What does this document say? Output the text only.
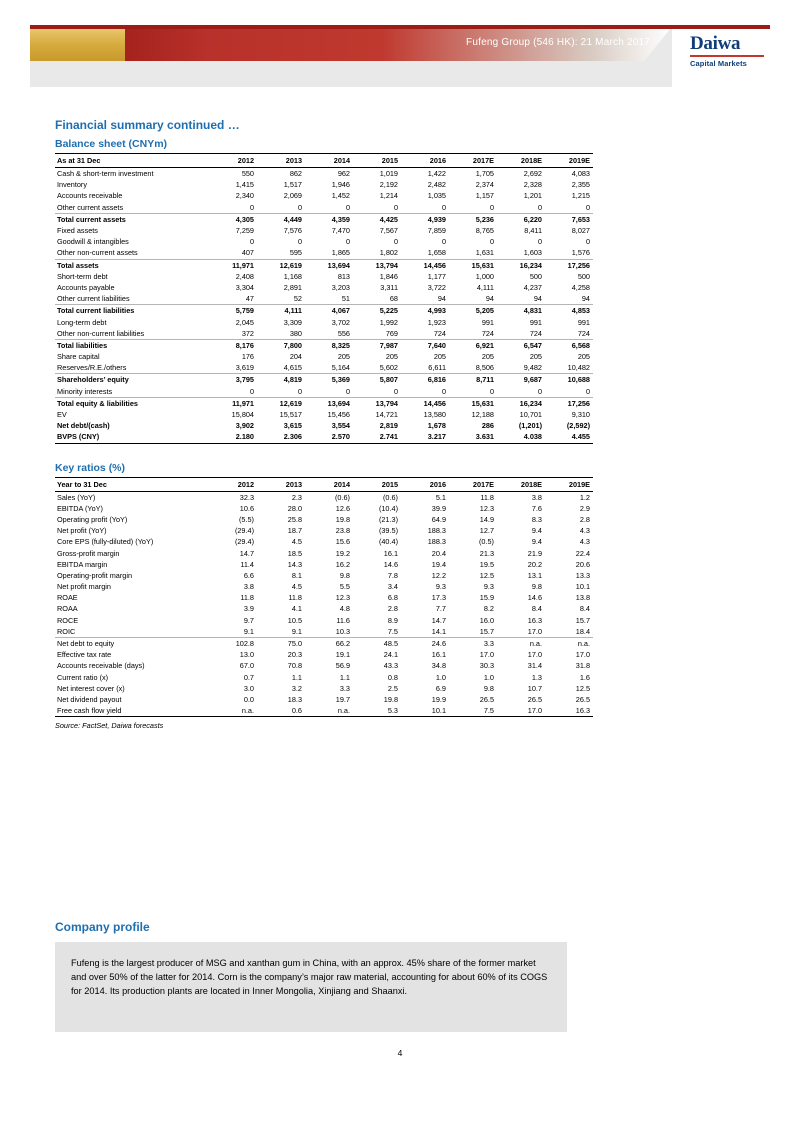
Fufeng Group (546 HK): 21 March 2017 Daiwa
Capital Markets
Financial summary continued …
Balance sheet (CNYm)
As at 31 Dec	2012	2013	2014	2015	2016	2017E	2018E	2019E
Cash & short-term investment	550	862	962	1,019	1,422	1,705	2,692	4,083
Inventory	1,415	1,517	1,946	2,192	2,482	2,374	2,328	2,355
Accounts receivable	2,340	2,069	1,452	1,214	1,035	1,157	1,201	1,215
Other current assets	0	0	0	0	0	0	0	0
Total current assets	4,305	4,449	4,359	4,425	4,939	5,236	6,220	7,653
Fixed assets	7,259	7,576	7,470	7,567	7,859	8,765	8,411	8,027
Goodwill & intangibles	0	0	0	0	0	0	0	0
Other non-current assets	407	595	1,865	1,802	1,658	1,631	1,603	1,576
Total assets	11,971	12,619	13,694	13,794	14,456	15,631	16,234	17,256
Short-term debt	2,408	1,168	813	1,846	1,177	1,000	500	500
Accounts payable	3,304	2,891	3,203	3,311	3,722	4,111	4,237	4,258
Other current liabilities	47	52	51	68	94	94	94	94
Total current liabilities	5,759	4,111	4,067	5,225	4,993	5,205	4,831	4,853
Long-term debt	2,045	3,309	3,702	1,992	1,923	991	991	991
Other non-current liabilities	372	380	556	769	724	724	724	724
Total liabilities	8,176	7,800	8,325	7,987	7,640	6,921	6,547	6,568
Share capital	176	204	205	205	205	205	205	205
Reserves/R.E./others	3,619	4,615	5,164	5,602	6,611	8,506	9,482	10,482
Shareholders’ equity	3,795	4,819	5,369	5,807	6,816	8,711	9,687	10,688
Minority interests	0	0	0	0	0	0	0	0
Total equity & liabilities	11,971	12,619	13,694	13,794	14,456	15,631	16,234	17,256
EV	15,804	15,517	15,456	14,721	13,580	12,188	10,701	9,310
Net debt/(cash)	3,902	3,615	3,554	2,819	1,678	286	(1,201)	(2,592)
BVPS (CNY)	2.180	2.306	2.570	2.741	3.217	3.631	4.038	4.455
Key ratios (%)
Year to 31 Dec	2012	2013	2014	2015	2016	2017E	2018E	2019E
Sales (YoY)	32.3	2.3	(0.6)	(0.6)	5.1	11.8	3.8	1.2
EBITDA (YoY)	10.6	28.0	12.6	(10.4)	39.9	12.3	7.6	2.9
Operating profit (YoY)	(5.5)	25.8	19.8	(21.3)	64.9	14.9	8.3	2.8
Net profit (YoY)	(29.4)	18.7	23.8	(39.5)	188.3	12.7	9.4	4.3
Core EPS (fully-diluted) (YoY)	(29.4)	4.5	15.6	(40.4)	188.3	(0.5)	9.4	4.3
Gross-profit margin	14.7	18.5	19.2	16.1	20.4	21.3	21.9	22.4
EBITDA margin	11.4	14.3	16.2	14.6	19.4	19.5	20.2	20.6
Operating-profit margin	6.6	8.1	9.8	7.8	12.2	12.5	13.1	13.3
Net profit margin	3.8	4.5	5.5	3.4	9.3	9.3	9.8	10.1
ROAE	11.8	11.8	12.3	6.8	17.3	15.9	14.6	13.8
ROAA	3.9	4.1	4.8	2.8	7.7	8.2	8.4	8.4
ROCE	9.7	10.5	11.6	8.9	14.7	16.0	16.3	15.7
ROIC	9.1	9.1	10.3	7.5	14.1	15.7	17.0	18.4
Net debt to equity	102.8	75.0	66.2	48.5	24.6	3.3	n.a.	n.a.
Effective tax rate	13.0	20.3	19.1	24.1	16.1	17.0	17.0	17.0
Accounts receivable (days)	67.0	70.8	56.9	43.3	34.8	30.3	31.4	31.8
Current ratio (x)	0.7	1.1	1.1	0.8	1.0	1.0	1.3	1.6
Net interest cover (x)	3.0	3.2	3.3	2.5	6.9	9.8	10.7	12.5
Net dividend payout	0.0	18.3	19.7	19.8	19.9	26.5	26.5	26.5
Free cash flow yield	n.a.	0.6	n.a.	5.3	10.1	7.5	17.0	16.3
Source: FactSet, Daiwa forecasts
Company profile
Fufeng is the largest producer of MSG and xanthan gum in China, with an approx. 45% share of the former market and over 50% of the latter for 2014. Corn is the company’s major raw material, accounting for about 60% of its COGS for 2014. Its production plants are located in Inner Mongolia, Xinjiang and Shaanxi.
4
